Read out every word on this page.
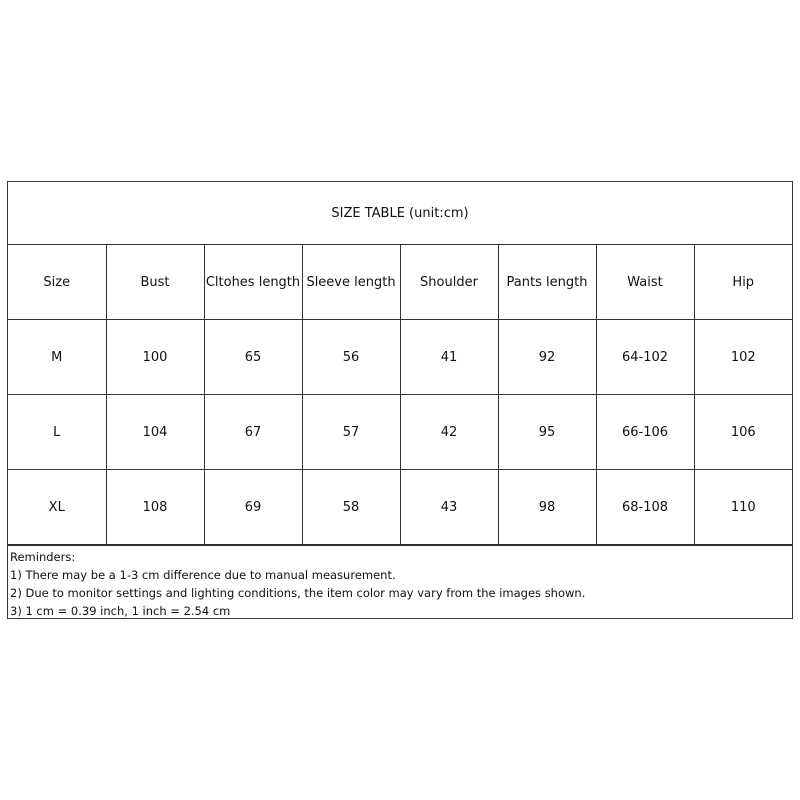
SIZE TABLE (unit:cm)							
Size	Bust	Cltohes length	Sleeve length	Shoulder	Pants length	Waist	Hip
M	100	65	56	41	92	64-102	102
L	104	67	57	42	95	66-106	106
XL	108	69	58	43	98	68-108	110
Reminders:
1) There may be a 1-3 cm difference due to manual measurement.
2) Due to monitor settings and lighting conditions, the item color may vary from the images shown.
3) 1 cm = 0.39 inch, 1 inch = 2.54 cm
